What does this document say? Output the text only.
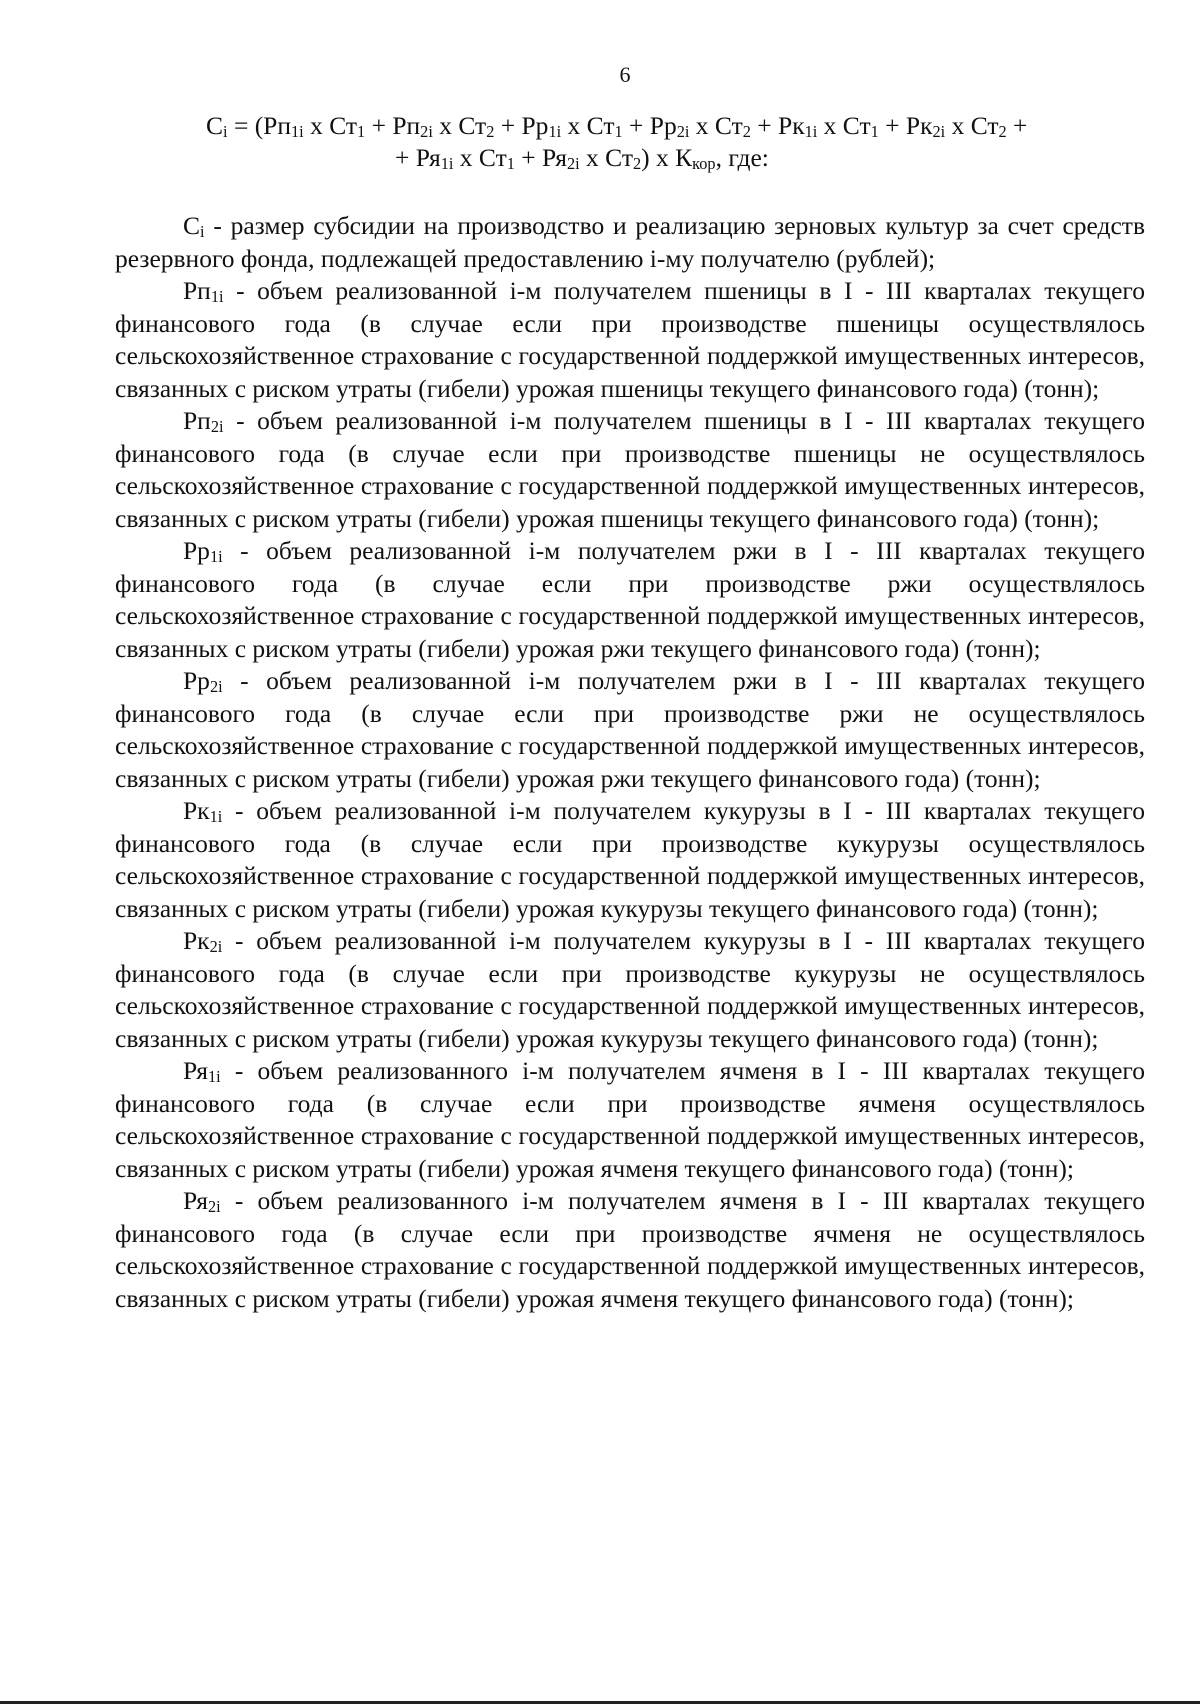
6
$C_i = (Рп_{1i}$ х $Ст_1 + Рп_{2i}$ х $Ст_2 + Рр_{1i}$ х $Ст_1 + Рр_{2i}$ х $Ст_2 + Рк_{1i}$ х $Ст_1 + Рк_{2i}$ х $Ст_2$ +
+ $Ря_{1i}$ х $Ст_1 + Ря_{2i}$ х $Ст_2$) х $К_{кор}$, где:

$C_i$ - размер субсидии на производство и реализацию зерновых культур за счет средств резервного фонда, подлежащей предоставлению i-му получателю (рублей);

$Рп_{1i}$ - объем реализованной i-м получателем пшеницы в I - III кварталах текущего финансового года (в случае если при производстве пшеницы осуществлялось сельскохозяйственное страхование с государственной поддержкой имущественных интересов, связанных с риском утраты (гибели) урожая пшеницы текущего финансового года) (тонн);

$Рп_{2i}$ - объем реализованной i-м получателем пшеницы в I - III кварталах текущего финансового года (в случае если при производстве пшеницы не осуществлялось сельскохозяйственное страхование с государственной поддержкой имущественных интересов, связанных с риском утраты (гибели) урожая пшеницы текущего финансового года) (тонн);

$Рр_{1i}$ - объем реализованной i-м получателем ржи в I - III кварталах текущего финансового года (в случае если при производстве ржи осуществлялось сельскохозяйственное страхование с государственной поддержкой имущественных интересов, связанных с риском утраты (гибели) урожая ржи текущего финансового года) (тонн);

$Рр_{2i}$ - объем реализованной i-м получателем ржи в I - III кварталах текущего финансового года (в случае если при производстве ржи не осуществлялось сельскохозяйственное страхование с государственной поддержкой имущественных интересов, связанных с риском утраты (гибели) урожая ржи текущего финансового года) (тонн);

$Рк_{1i}$ - объем реализованной i-м получателем кукурузы в I - III кварталах текущего финансового года (в случае если при производстве кукурузы осуществлялось сельскохозяйственное страхование с государственной поддержкой имущественных интересов, связанных с риском утраты (гибели) урожая кукурузы текущего финансового года) (тонн);

$Рк_{2i}$ - объем реализованной i-м получателем кукурузы в I - III кварталах текущего финансового года (в случае если при производстве кукурузы не осуществлялось сельскохозяйственное страхование с государственной поддержкой имущественных интересов, связанных с риском утраты (гибели) урожая кукурузы текущего финансового года) (тонн);

$Ря_{1i}$ - объем реализованного i-м получателем ячменя в I - III кварталах текущего финансового года (в случае если при производстве ячменя осуществлялось сельскохозяйственное страхование с государственной поддержкой имущественных интересов, связанных с риском утраты (гибели) урожая ячменя текущего финансового года) (тонн);

$Ря_{2i}$ - объем реализованного i-м получателем ячменя в I - III кварталах текущего финансового года (в случае если при производстве ячменя не осуществлялось сельскохозяйственное страхование с государственной поддержкой имущественных интересов, связанных с риском утраты (гибели) урожая ячменя текущего финансового года) (тонн);
